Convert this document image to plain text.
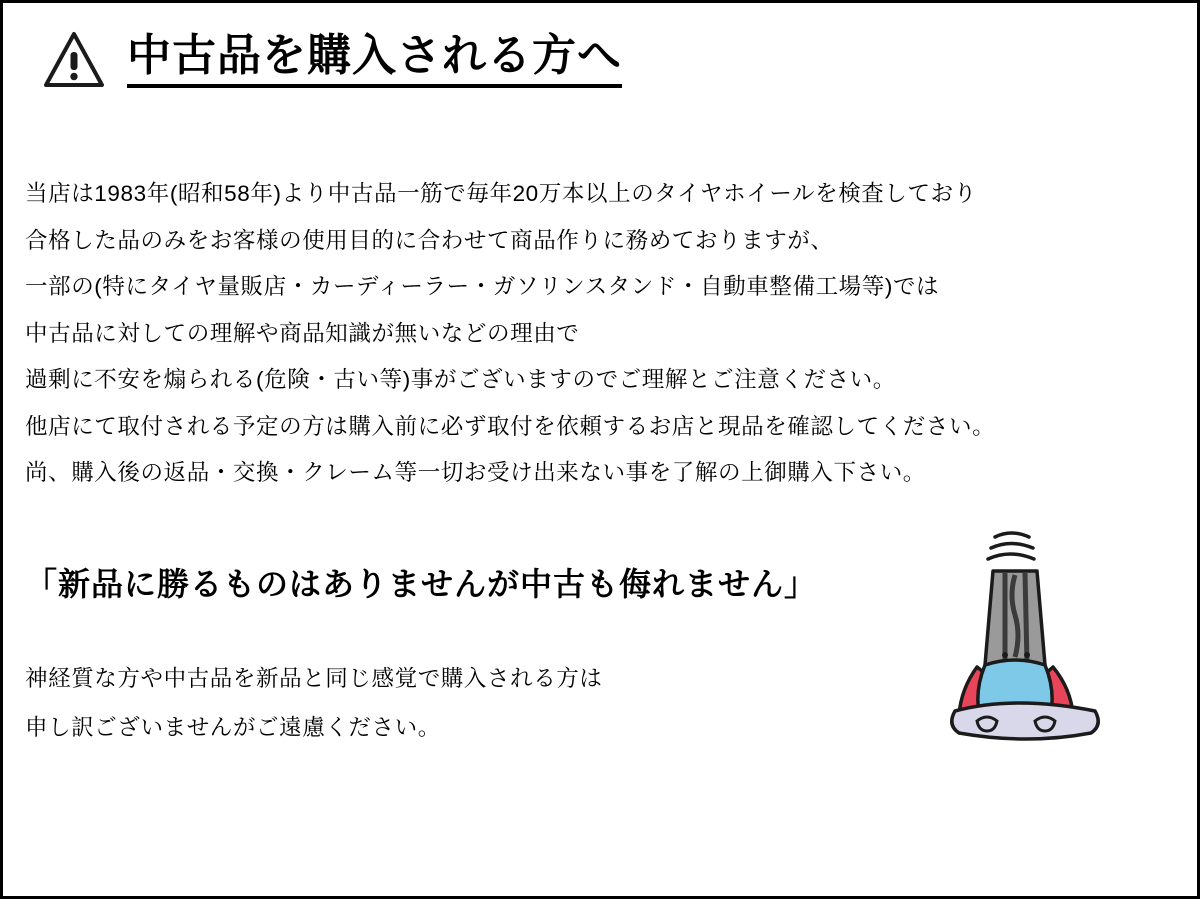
中古品を購入される方へ
当店は1983年(昭和58年)より中古品一筋で毎年20万本以上のタイヤホイールを検査しており
合格した品のみをお客様の使用目的に合わせて商品作りに務めておりますが、
一部の(特にタイヤ量販店・カーディーラー・ガソリンスタンド・自動車整備工場等)では
中古品に対しての理解や商品知識が無いなどの理由で
過剰に不安を煽られる(危険・古い等)事がございますのでご理解とご注意ください。
他店にて取付される予定の方は購入前に必ず取付を依頼するお店と現品を確認してください。
尚、購入後の返品・交換・クレーム等一切お受け出来ない事を了解の上御購入下さい。
「新品に勝るものはありませんが中古も侮れません」
神経質な方や中古品を新品と同じ感覚で購入される方は
申し訳ございませんがご遠慮ください。
